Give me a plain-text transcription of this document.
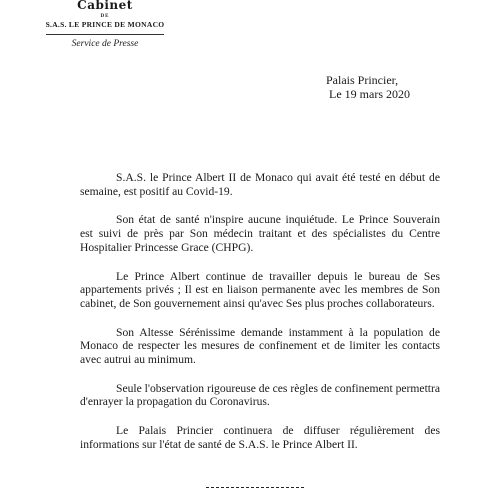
Cabinet
DE
S.A.S. LE PRINCE DE MONACO
Service de Presse
Palais Princier,
Le 19 mars 2020

S.A.S. le Prince Albert II de Monaco qui avait été testé en début de semaine, est positif au Covid-19.

Son état de santé n'inspire aucune inquiétude. Le Prince Souverain est suivi de près par Son médecin traitant et des spécialistes du Centre Hospitalier Princesse Grace (CHPG).

Le Prince Albert continue de travailler depuis le bureau de Ses appartements privés ; Il est en liaison permanente avec les membres de Son cabinet, de Son gouvernement ainsi qu'avec Ses plus proches collaborateurs.

Son Altesse Sérénissime demande instamment à la population de Monaco de respecter les mesures de confinement et de limiter les contacts avec autrui au minimum.

Seule l'observation rigoureuse de ces règles de confinement permettra d'enrayer la propagation du Coronavirus.

Le Palais Princier continuera de diffuser régulièrement des informations sur l'état de santé de S.A.S. le Prince Albert II.
